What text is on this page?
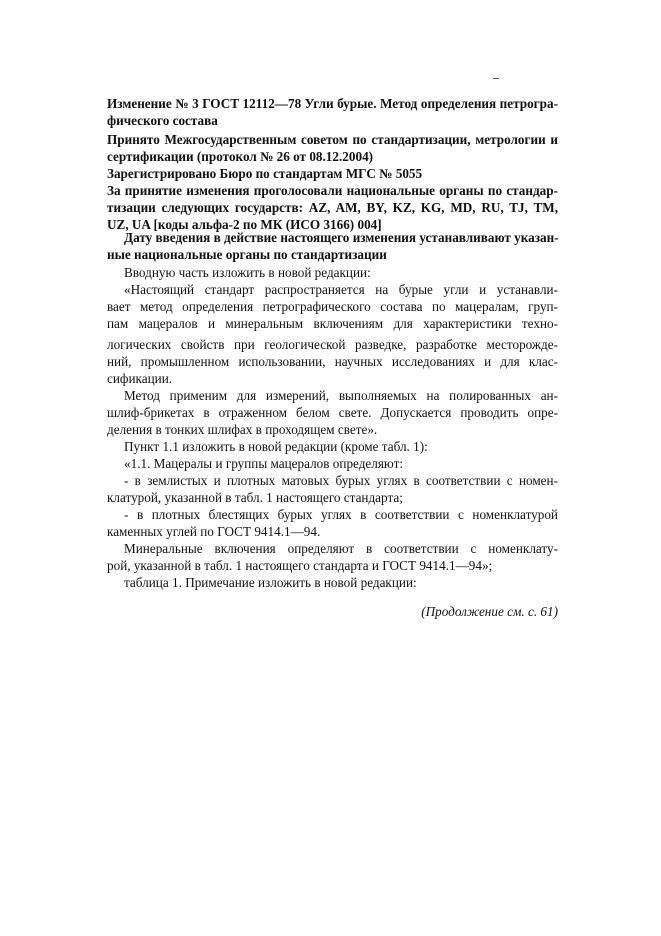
Изменение № 3 ГОСТ 12112—78 Угли бурые. Метод определения петрогра-
фического состава
Принято Межгосударственным советом по стандартизации, метрологии и
сертификации (протокол № 26 от 08.12.2004)
Зарегистрировано Бюро по стандартам МГС № 5055
За принятие изменения проголосовали национальные органы по стандар-
тизации следующих государств: AZ, AM, BY, KZ, KG, MD, RU, TJ, TM,
UZ, UA [коды альфа-2 по МК (ИСО 3166) 004]
Дату введения в действие настоящего изменения устанавливают указан-
ные национальные органы по стандартизации
Вводную часть изложить в новой редакции:
«Настоящий стандарт распространяется на бурые угли и устанавли-
вает метод определения петрографического состава по мацералам, груп-
пам мацералов и минеральным включениям для характеристики техно-
логических свойств при геологической разведке, разработке месторожде-
ний, промышленном использовании, научных исследованиях и для клас-
сификации.
Метод применим для измерений, выполняемых на полированных ан-
шлиф-брикетах в отраженном белом свете. Допускается проводить опре-
деления в тонких шлифах в проходящем свете».
Пункт 1.1 изложить в новой редакции (кроме табл. 1):
«1.1. Мацералы и группы мацералов определяют:
- в землистых и плотных матовых бурых углях в соответствии с номен-
клатурой, указанной в табл. 1 настоящего стандарта;
- в плотных блестящих бурых углях в соответствии с номенклатурой
каменных углей по ГОСТ 9414.1—94.
Минеральные включения определяют в соответствии с номенклату-
рой, указанной в табл. 1 настоящего стандарта и ГОСТ 9414.1—94»;
таблица 1. Примечание изложить в новой редакции:
(Продолжение см. с. 61)
